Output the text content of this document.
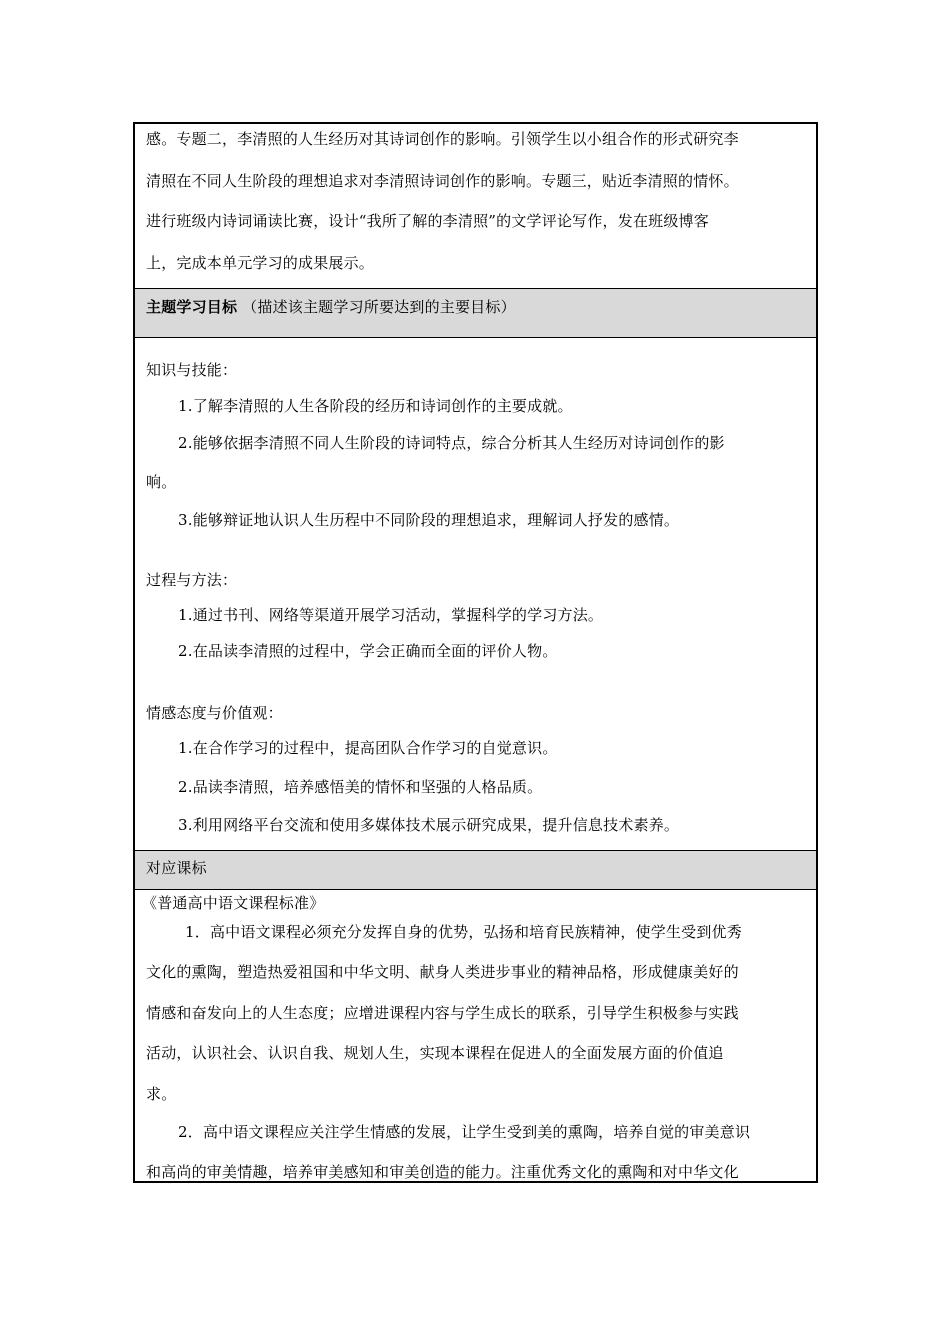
感。专题二，李清照的人生经历对其诗词创作的影响。引领学生以小组合作的形式研究李
清照在不同人生阶段的理想追求对李清照诗词创作的影响。专题三，贴近李清照的情怀。
进行班级内诗词诵读比赛，设计“我所了解的李清照”的文学评论写作，发在班级博客
上，完成本单元学习的成果展示。
主题学习目标 （描述该主题学习所要达到的主要目标）
知识与技能：
1.了解李清照的人生各阶段的经历和诗词创作的主要成就。
2.能够依据李清照不同人生阶段的诗词特点，综合分析其人生经历对诗词创作的影
响。
3.能够辩证地认识人生历程中不同阶段的理想追求，理解词人抒发的感情。
过程与方法：
1.通过书刊、网络等渠道开展学习活动，掌握科学的学习方法。
2.在品读李清照的过程中，学会正确而全面的评价人物。
情感态度与价值观：
1.在合作学习的过程中，提高团队合作学习的自觉意识。
2.品读李清照，培养感悟美的情怀和坚强的人格品质。
3.利用网络平台交流和使用多媒体技术展示研究成果，提升信息技术素养。
对应课标
《普通高中语文课程标准》
1．高中语文课程必须充分发挥自身的优势，弘扬和培育民族精神，使学生受到优秀
文化的熏陶，塑造热爱祖国和中华文明、献身人类进步事业的精神品格，形成健康美好的
情感和奋发向上的人生态度；应增进课程内容与学生成长的联系，引导学生积极参与实践
活动，认识社会、认识自我、规划人生，实现本课程在促进人的全面发展方面的价值追
求。
2．高中语文课程应关注学生情感的发展，让学生受到美的熏陶，培养自觉的审美意识
和高尚的审美情趣，培养审美感知和审美创造的能力。注重优秀文化的熏陶和对中华文化
